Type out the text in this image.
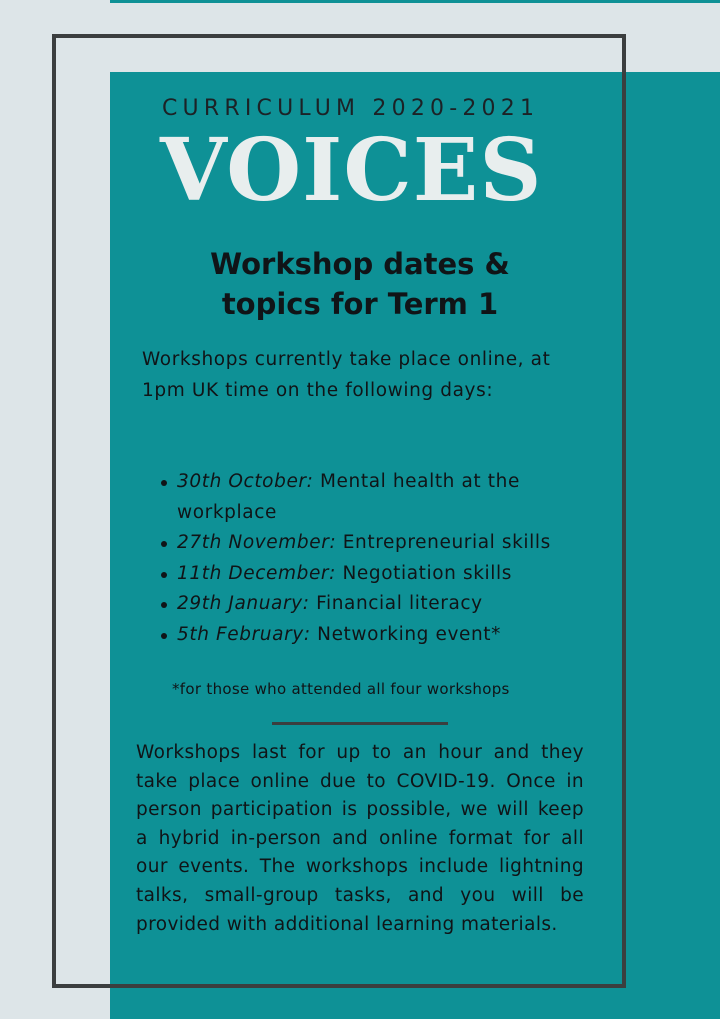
CURRICULUM 2020-2021
VOICES
Workshop dates &
topics for Term 1
Workshops currently take place online, at 1pm UK time on the following days:
30th October: Mental health at the workplace
27th November: Entrepreneurial skills
11th December: Negotiation skills
29th January: Financial literacy
5th February: Networking event*
*for those who attended all four workshops
Workshops last for up to an hour and they take place online due to COVID-19. Once in person participation is possible, we will keep a hybrid in-person and online format for all our events. The workshops include lightning talks, small-group tasks, and you will be provided with additional learning materials.
